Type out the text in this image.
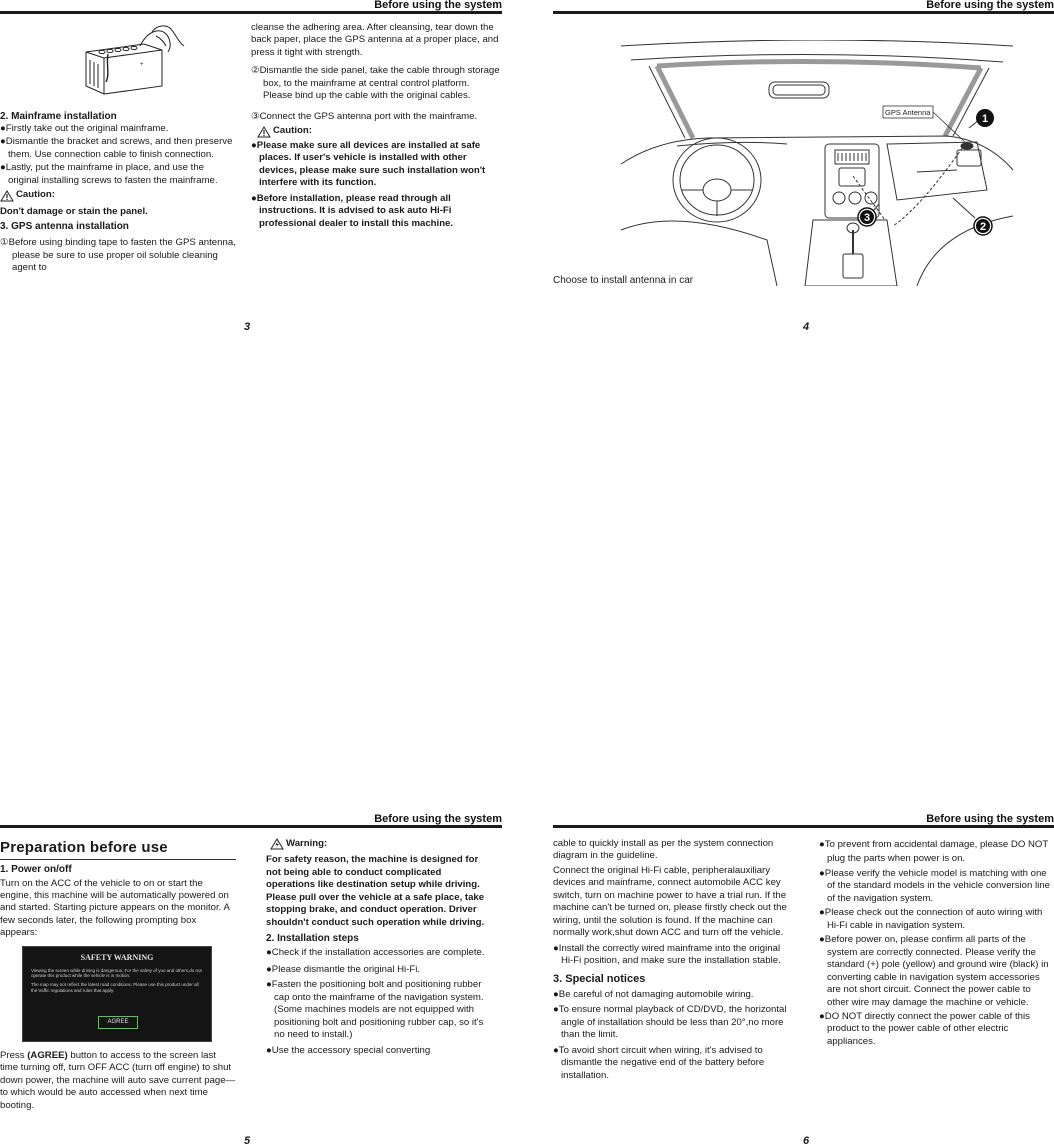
Before using the system
+

2. Mainframe installation

●Firstly take out the original mainframe.

●Dismantle the bracket and screws, and then preserve them. Use connection cable to finish connection.

●Lastly, put the mainframe in place, and use the original installing screws to fasten the mainframe.

Caution:

Don't damage or stain the panel.

3. GPS antenna installation

①Before using binding tape to fasten the GPS antenna, please be sure to use proper oil soluble cleaning agent to

cleanse the adhering area. After cleansing, tear down the back paper, place the GPS antenna at a proper place, and press it tight with strength.

②Dismantle the side panel, take the cable through storage box, to the mainframe at central control platform. Please bind up the cable with the original cables.

③Connect the GPS antenna port with the mainframe.

Caution:

●Please make sure all devices are installed at safe places. If user's vehicle is installed with other devices, please make sure such installation won't interfere with its function.

●Before installation, please read through all instructions. It is advised to ask auto Hi-Fi professional dealer to install this machine.

3
Before using the system
GPS Antenna
1
2
3
Choose to install antenna in car
4
Before using the system

Preparation before use

1. Power on/off

Turn on the ACC of the vehicle to on or start the engine, this machine will be automatically powered on and started. Starting picture appears on the monitor. A few seconds later, the following prompting box appears:

SAFETY WARNING
Viewing the screen while driving is dangerous. For the safety of you and others,do not operate this product while the vehicle is in motion.
The map may not reflect the latest road conditions. Please use this product under all the traffic regulations and rules that apply.
AGREE

Press (AGREE) button to access to the screen last time turning off, turn OFF ACC (turn off engine) to shut down power, the machine will auto save current page—to which would be auto accessed when next time booting.

Warning:

For safety reason, the machine is designed for not being able to conduct complicated operations like destination setup while driving. Please pull over the vehicle at a safe place, take stopping brake, and conduct operation. Driver shouldn't conduct such operation while driving.

2. Installation steps

●Check if the installation accessories are complete.

●Please dismantle the original Hi-Fi.

●Fasten the positioning bolt and positioning rubber cap onto the mainframe of the navigation system. (Some machines models are not equipped with positioning bolt and positioning rubber cap, so it's no need to install.)

●Use the accessory special converting

5
Before using the system

cable to quickly install as per the system connection diagram in the guideline.

Connect the original Hi-Fi cable, peripheralauxiliary devices and mainframe, connect automobile ACC key switch, turn on machine power to have a trial run. If the machine can't be turned on, please firstly check out the wiring, until the solution is found. If the machine can normally work,shut down ACC and turn off the vehicle.

●Install the correctly wired mainframe into the original Hi-Fi position, and make sure the installation stable.

3. Special notices

●Be careful of not damaging automobile wiring.

●To ensure normal playback of CD/DVD, the horizontal angle of installation should be less than 20°,no more than the limit.

●To avoid short circuit when wiring, it's advised to dismantle the negative end of the battery before installation.

●To prevent from accidental damage, please DO NOT plug the parts when power is on.

●Please verify the vehicle model is matching with one of the standard models in the vehicle conversion line of the navigation system.

●Please check out the connection of auto wiring with Hi-Fi cable in navigation system.

●Before power on, please confirm all parts of the system are correctly connected. Please verify the standard (+) pole (yellow) and ground wire (black) in converting cable in navigation system accessories are not short circuit. Connect the power cable to other wire may damage the machine or vehicle.

●DO NOT directly connect the power cable of this product to the power cable of other electric appliances.

6
